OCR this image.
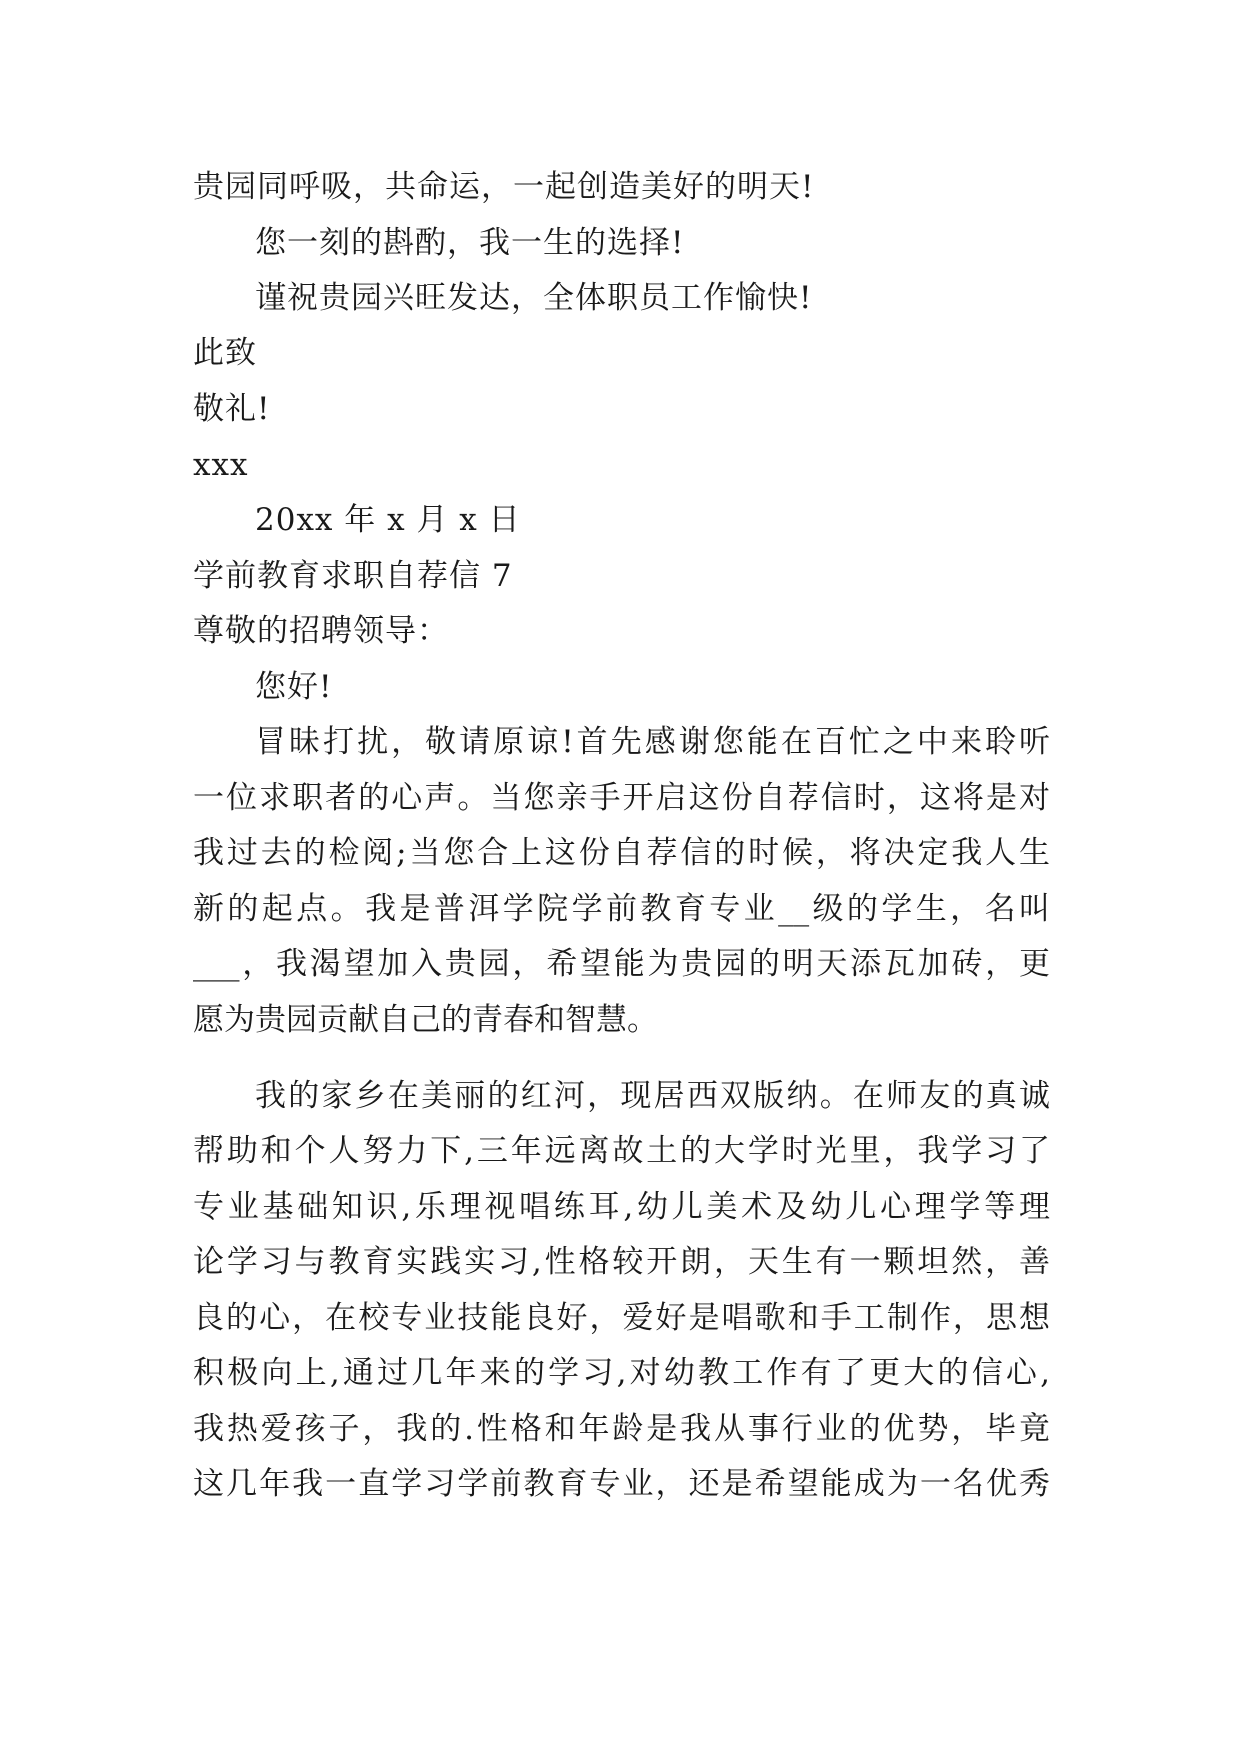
贵园同呼吸，共命运，一起创造美好的明天!
您一刻的斟酌，我一生的选择!
谨祝贵园兴旺发达，全体职员工作愉快!
此致
敬礼!
xxx
20xx 年 x 月 x 日
学前教育求职自荐信 7
尊敬的招聘领导：
您好!
冒昧打扰，敬请原谅!首先感谢您能在百忙之中来聆听
一位求职者的心声。当您亲手开启这份自荐信时，这将是对
我过去的检阅;当您合上这份自荐信的时候，将决定我人生
新的起点。我是普洱学院学前教育专业__级的学生，名叫
___，我渴望加入贵园，希望能为贵园的明天添瓦加砖，更
愿为贵园贡献自己的青春和智慧。
我的家乡在美丽的红河，现居西双版纳。在师友的真诚
帮助和个人努力下,三年远离故土的大学时光里，我学习了
专业基础知识,乐理视唱练耳,幼儿美术及幼儿心理学等理
论学习与教育实践实习,性格较开朗，天生有一颗坦然，善
良的心，在校专业技能良好，爱好是唱歌和手工制作，思想
积极向上,通过几年来的学习,对幼教工作有了更大的信心,
我热爱孩子，我的.性格和年龄是我从事行业的优势，毕竟
这几年我一直学习学前教育专业，还是希望能成为一名优秀
